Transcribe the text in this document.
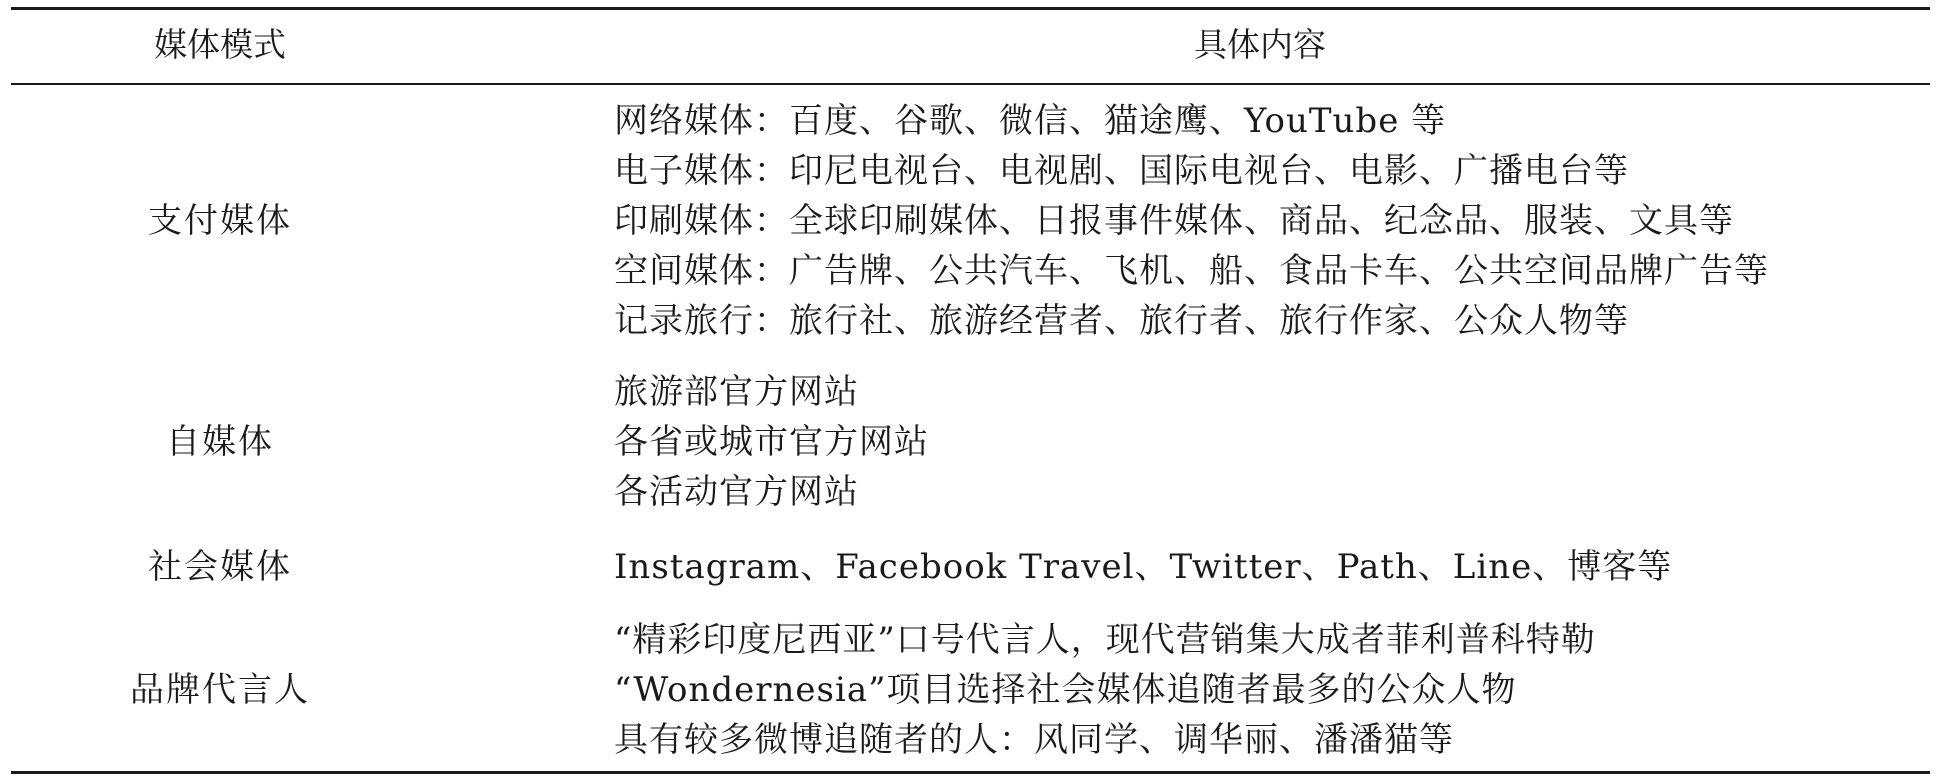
媒体模式	具体内容
支付媒体
网络媒体：百度、谷歌、微信、猫途鹰、YouTube 等
电子媒体：印尼电视台、电视剧、国际电视台、电影、广播电台等
印刷媒体：全球印刷媒体、日报事件媒体、商品、纪念品、服装、文具等
空间媒体：广告牌、公共汽车、飞机、船、食品卡车、公共空间品牌广告等
记录旅行：旅行社、旅游经营者、旅行者、旅行作家、公众人物等
自媒体
旅游部官方网站
各省或城市官方网站
各活动官方网站
社会媒体	Instagram、Facebook Travel、Twitter、Path、Line、博客等
品牌代言人
“精彩印度尼西亚”口号代言人，现代营销集大成者菲利普科特勒
“Wondernesia”项目选择社会媒体追随者最多的公众人物
具有较多微博追随者的人：风同学、调华丽、潘潘猫等
